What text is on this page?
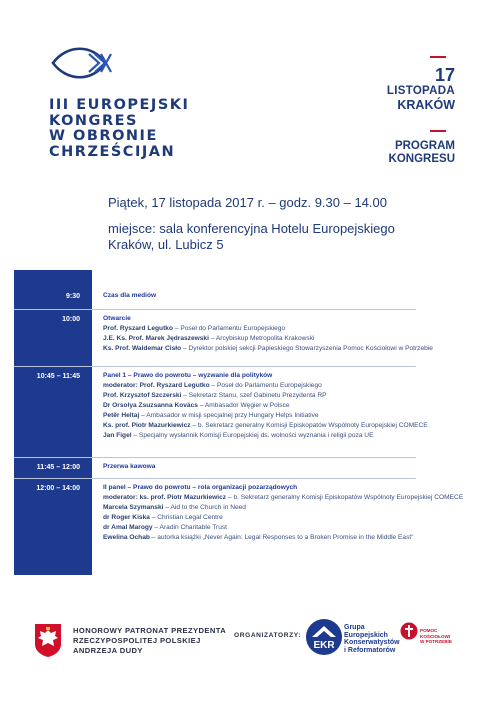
III EUROPEJSKI
KONGRES
W OBRONIE
CHRZEŚCIJAN
17
LISTOPADA
KRAKÓW
PROGRAM
KONGRESU
Piątek, 17 listopada 2017 r. – godz. 9.30 – 14.00
miejsce: sala konferencyjna Hotelu Europejskiego
Kraków, ul. Lubicz 5
9:30
10:00
10:45 – 11:45
11:45 – 12:00
12:00 – 14:00
Czas dla mediów
Otwarcie
Prof. Ryszard Legutko – Poseł do Parlamentu Europejskiego
J.E. Ks. Prof. Marek Jędraszewski – Arcybiskup Metropolita Krakowski
Ks. Prof. Waldemar Cisło – Dyrektor polskiej sekcji Papieskiego Stowarzyszenia Pomoc Kościołowi w Potrzebie
Panel 1 – Prawo do powrotu – wyzwanie dla polityków
moderator: Prof. Ryszard Legutko – Poseł do Parlamentu Europejskiego
Prof. Krzysztof Szczerski – Sekretarz Stanu, szef Gabinetu Prezydenta RP
Dr Orsolya Zsuzsanna Kovács – Ambasador Węgier w Polsce
Petěr Heltaj – Ambasador w misji specjalnej przy Hungary Helps Initiative
Ks. prof. Piotr Mazurkiewicz – b. Sekretarz generalny Komisji Episkopatów Wspólnoty Europejskiej COMECE
Jan Figel – Specjalny wysłannik Komisji Europejskiej ds. wolności wyznania i religii poza UE
Przerwa kawowa
II panel – Prawo do powrotu – rola organizacji pozarządowych
moderator: ks. prof. Piotr Mazurkiewicz – b. Sekretarz generalny Komisji Episkopatów Wspólnoty Europejskiej COMECE
Marcela Szymanski – Aid to the Church in Need
dr Roger Kiska – Christian Legal Centre
dr Amal Marogy – Aradin Charitable Trust
Ewelina Ochab – autorka książki „Never Again: Legal Responses to a Broken Promise in the Middle East”
HONOROWY PATRONAT PREZYDENTA
RZECZYPOSPOLITEJ POLSKIEJ
ANDRZEJA DUDY
ORGANIZATORZY:
EKR
Grupa
Europejskich
Konserwatystów
i Reformatorów
POMOC
KOŚCIOŁOWI
W POTRZEBIE
